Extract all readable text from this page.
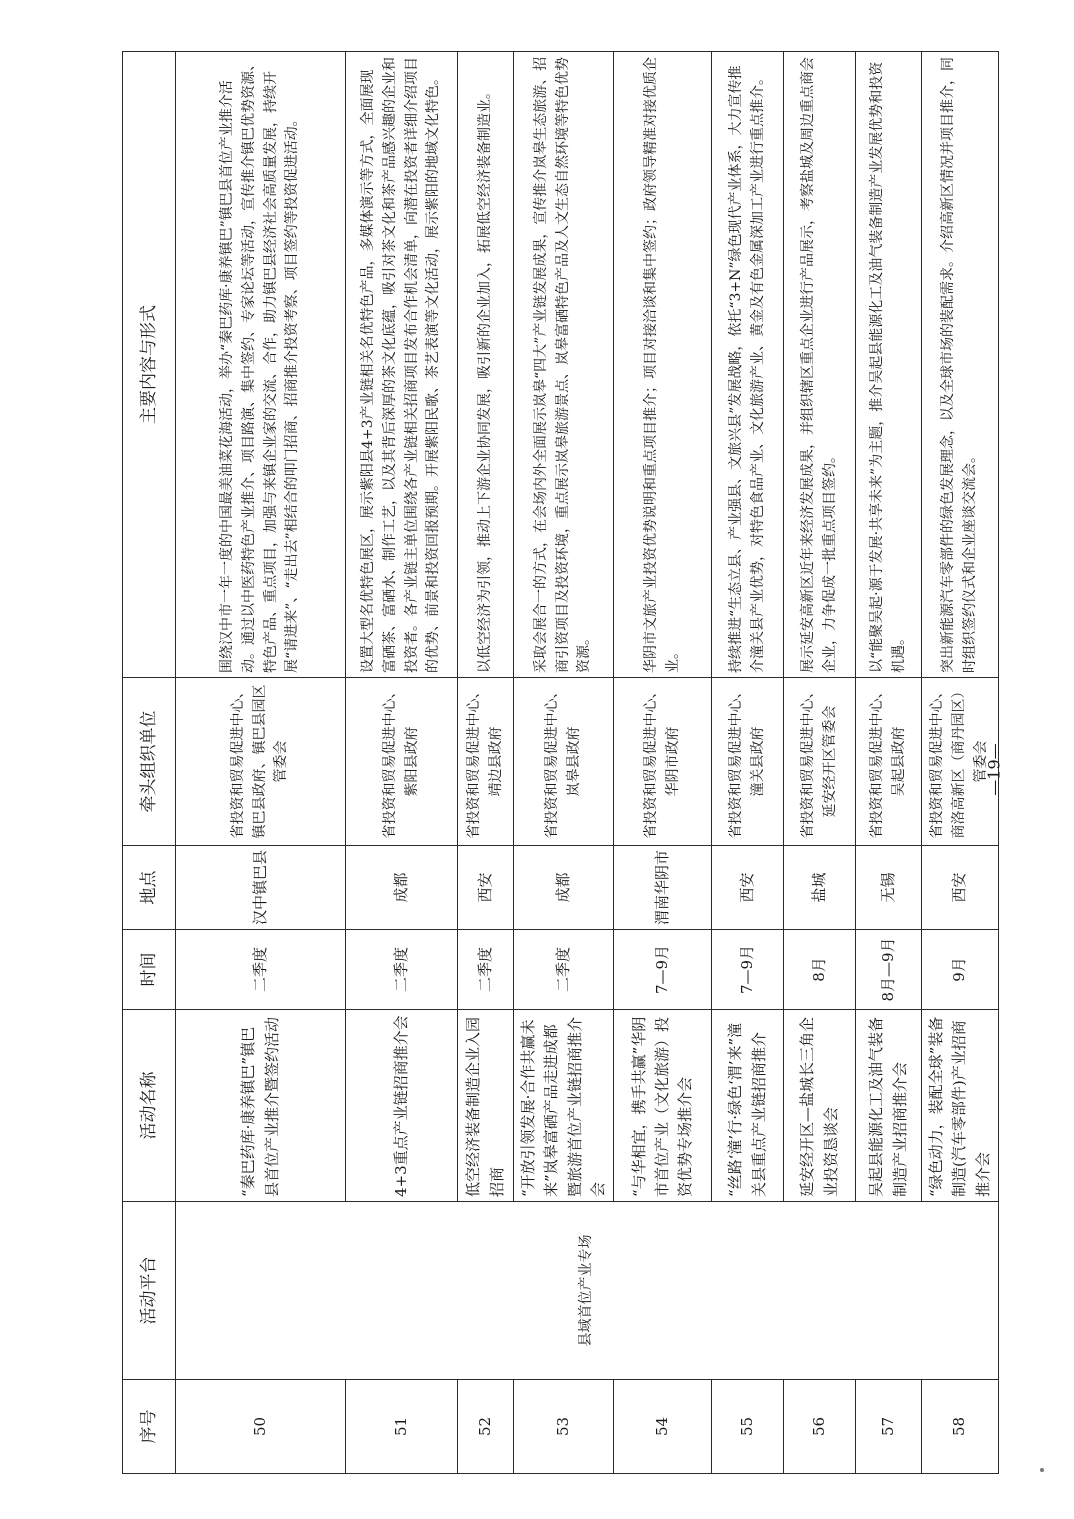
序号	活动平台	活动名称	时间	地点	牵头组织单位	主要内容与形式
50	县域首位产业专场	“秦巴药库·康养镇巴”镇巴县首位产业推介暨签约活动	二季度	汉中镇巴县	省投资和贸易促进中心、镇巴县政府、镇巴县园区管委会	围绕汉中市一年一度的中国最美油菜花海活动，举办“秦巴药库·康养镇巴”镇巴县首位产业推介活动。通过以中医药特色产业推介、项目路演、集中签约、专家论坛等活动，宣传推介镇巴优势资源、特色产品、重点项目，加强与来镇企业家的交流、合作，助力镇巴县经济社会高质量发展，持续开展“请进来”、“走出去”相结合的叩门招商、招商推介投资考察、项目签约等投资促进活动。
51		4+3重点产业链招商推介会	二季度	成都	省投资和贸易促进中心、紫阳县政府	设置大型名优特色展区，展示紫阳县4+3产业链相关名优特色产品，多媒体演示等方式，全面展现富硒茶、富硒水、制作工艺，以及其背后深厚的茶文化底蕴，吸引对茶文化和茶产品感兴趣的企业和投资者。各产业链主单位围绕各产业链相关招商项目发布合作机会清单，向潜在投资者详细介绍项目的优势、前景和投资回报预期。开展紫阳民歌、茶艺表演等文化活动，展示紫阳的地域文化特色。
52		低空经济装备制造企业入园招商	二季度	西安	省投资和贸易促进中心、靖边县政府	以低空经济为引领，推动上下游企业协同发展，吸引新的企业加入，拓展低空经济装备制造业。
53		“开放引领发展·合作共赢未来”岚皋富硒产品走进成都暨旅游首位产业链招商推介会	二季度	成都	省投资和贸易促进中心、岚皋县政府	采取会展合一的方式，在会场内外全面展示岚皋“四大”产业链发展成果，宣传推介岚皋生态旅游、招商引资项目及投资环境，重点展示岚皋旅游景点、岚皋富硒特色产品及人文生态自然环境等特色优势资源。
54		“与华相宜，携手共赢”华阴市首位产业（文化旅游）投资优势专场推介会	7—9月	渭南华阴市	省投资和贸易促进中心、华阴市政府	华阴市文旅产业投资优势说明和重点项目推介；项目对接洽谈和集中签约；政府领导精准对接优质企业。
55		“丝路‘潼’行·绿色‘渭’来”潼关县重点产业链招商推介	7—9月	西安	省投资和贸易促进中心、潼关县政府	持续推进“生态立县、产业强县、文旅兴县”发展战略，依托“3+N”绿色现代产业体系，大力宣传推介潼关县产业优势，对特色食品产业、文化旅游产业、黄金及有色金属深加工产业进行重点推介。
56		延安经开区—盐城长三角企业投资恳谈会	8月	盐城	省投资和贸易促进中心、延安经开区管委会	展示延安高新区近年来经济发展成果，并组织辖区重点企业进行产品展示，考察盐城及周边重点商会企业，力争促成一批重点项目签约。
57		吴起县能源化工及油气装备制造产业招商推介会	8月—9月	无锡	省投资和贸易促进中心、吴起县政府	以“能聚吴起·源于发展·共享未来”为主题，推介吴起县能源化工及油气装备制造产业发展优势和投资机遇。
58		“绿色动力，装配全球”装备制造(汽车零部件)产业招商推介会	9月	西安	省投资和贸易促进中心、商洛高新区（商丹园区）管委会	突出新能源汽车零部件的绿色发展理念，以及全球市场的装配需求。介绍高新区情况并项目推介，同时组织签约仪式和企业座谈交流会。
—19—
